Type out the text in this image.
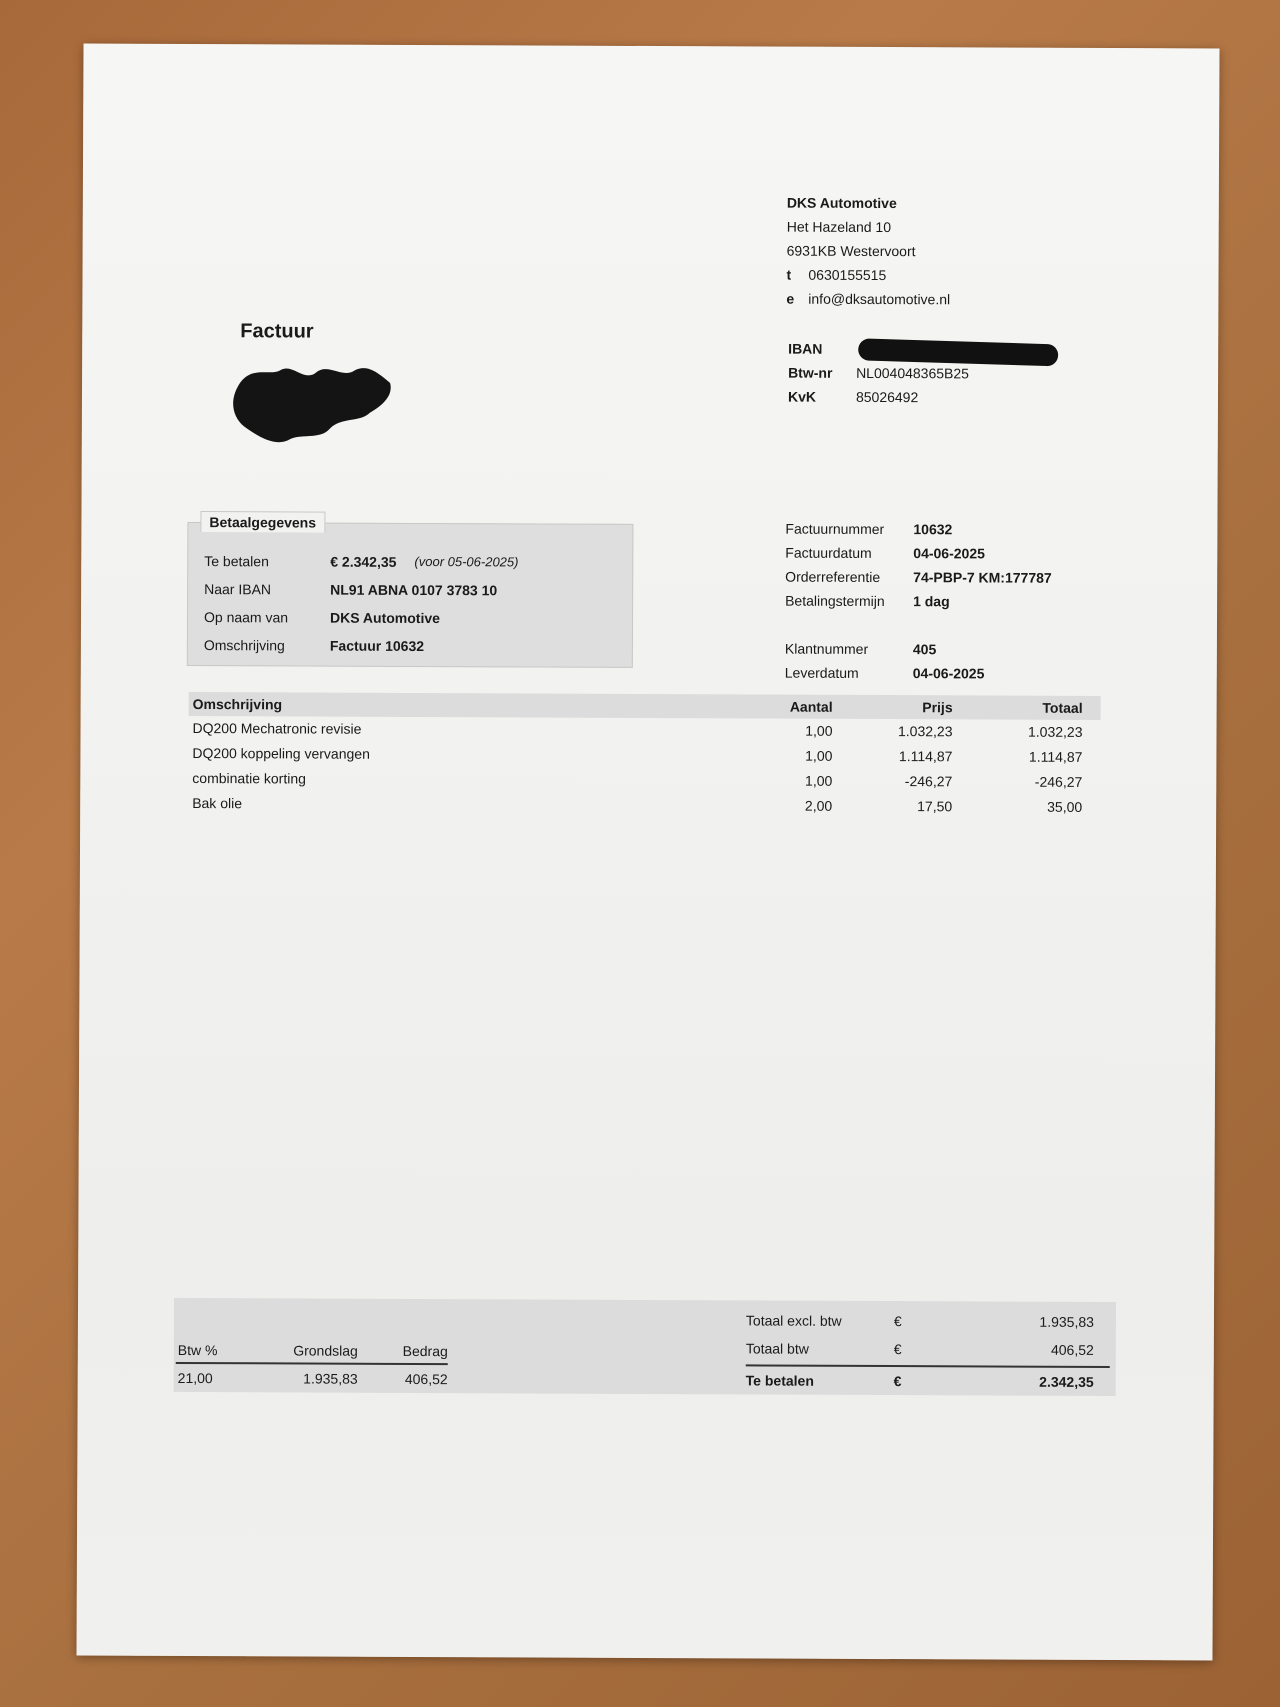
DKS Automotive
Het Hazeland 10
6931KB Westervoort
t 0630155515
e info@dksautomotive.nl
IBAN
Btw-nr	NL004048365B25
KvK	85026492
Factuur
Betaalgegevens
Te betalen	€ 2.342,35 (voor 05-06-2025)
Naar IBAN	NL91 ABNA 0107 3783 10
Op naam van	DKS Automotive
Omschrijving	Factuur 10632
Factuurnummer	10632
Factuurdatum	04-06-2025
Orderreferentie	74-PBP-7 KM:177787
Betalingstermijn	1 dag
Klantnummer	405
Leverdatum	04-06-2025
Omschrijving	Aantal	Prijs	Totaal
DQ200 Mechatronic revisie	1,00	1.032,23	1.032,23
DQ200 koppeling vervangen	1,00	1.114,87	1.114,87
combinatie korting	1,00	-246,27	-246,27
Bak olie	2,00	17,50	35,00
Btw %	Grondslag	Bedrag
21,00	1.935,83	406,52
Totaal excl. btw	€	1.935,83
Totaal btw	€	406,52
Te betalen	€	2.342,35
